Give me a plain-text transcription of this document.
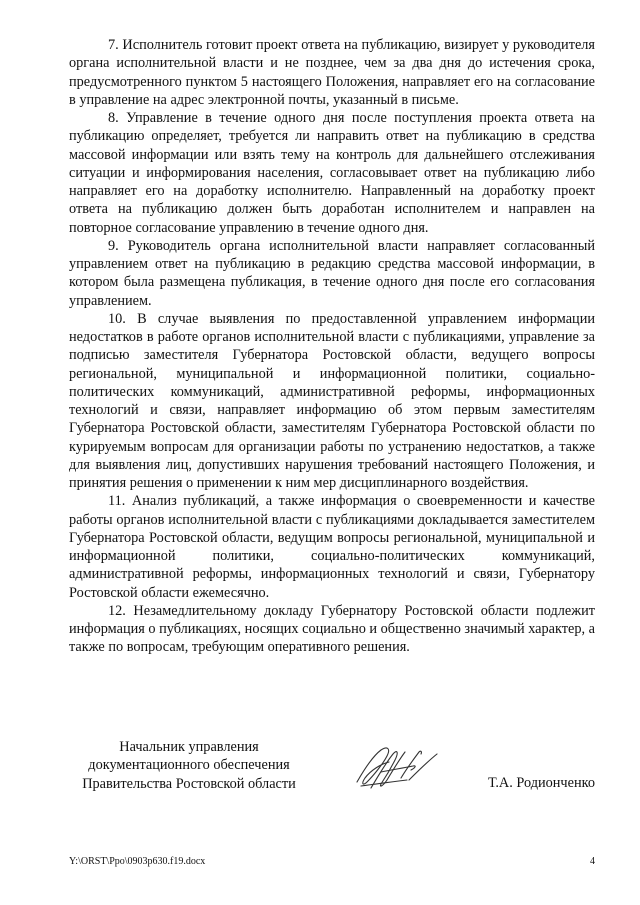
7. Исполнитель готовит проект ответа на публикацию, визирует у руководителя органа исполнительной власти и не позднее, чем за два дня до истечения срока, предусмотренного пунктом 5 настоящего Положения, направляет его на согласование в управление на адрес электронной почты, указанный в письме.

8. Управление в течение одного дня после поступления проекта ответа на публикацию определяет, требуется ли направить ответ на публикацию в средства массовой информации или взять тему на контроль для дальнейшего отслеживания ситуации и информирования населения, согласовывает ответ на публикацию либо направляет его на доработку исполнителю. Направленный на доработку проект ответа на публикацию должен быть доработан исполнителем и направлен на повторное согласование управлению в течение одного дня.

9. Руководитель органа исполнительной власти направляет согласованный управлением ответ на публикацию в редакцию средства массовой информации, в котором была размещена публикация, в течение одного дня после его согласования управлением.

10. В случае выявления по предоставленной управлением информации недостатков в работе органов исполнительной власти с публикациями, управление за подписью заместителя Губернатора Ростовской области, ведущего вопросы региональной, муниципальной и информационной политики, социально-политических коммуникаций, административной реформы, информационных технологий и связи, направляет информацию об этом первым заместителям Губернатора Ростовской области, заместителям Губернатора Ростовской области по курируемым вопросам для организации работы по устранению недостатков, а также для выявления лиц, допустивших нарушения требований настоящего Положения, и принятия решения о применении к ним мер дисциплинарного воздействия.

11. Анализ публикаций, а также информация о своевременности и качестве работы органов исполнительной власти с публикациями докладывается заместителем Губернатора Ростовской области, ведущим вопросы региональной, муниципальной и информационной политики, социально-политических коммуникаций, административной реформы, информационных технологий и связи, Губернатору Ростовской области ежемесячно.

12. Незамедлительному докладу Губернатору Ростовской области подлежит информация о публикациях, носящих социально и общественно значимый характер, а также по вопросам, требующим оперативного решения.

Начальник управления
документационного обеспечения
Правительства Ростовской области	Т.А. Родионченко
Y:\ORST\Ppo\0903p630.f19.docx	4
